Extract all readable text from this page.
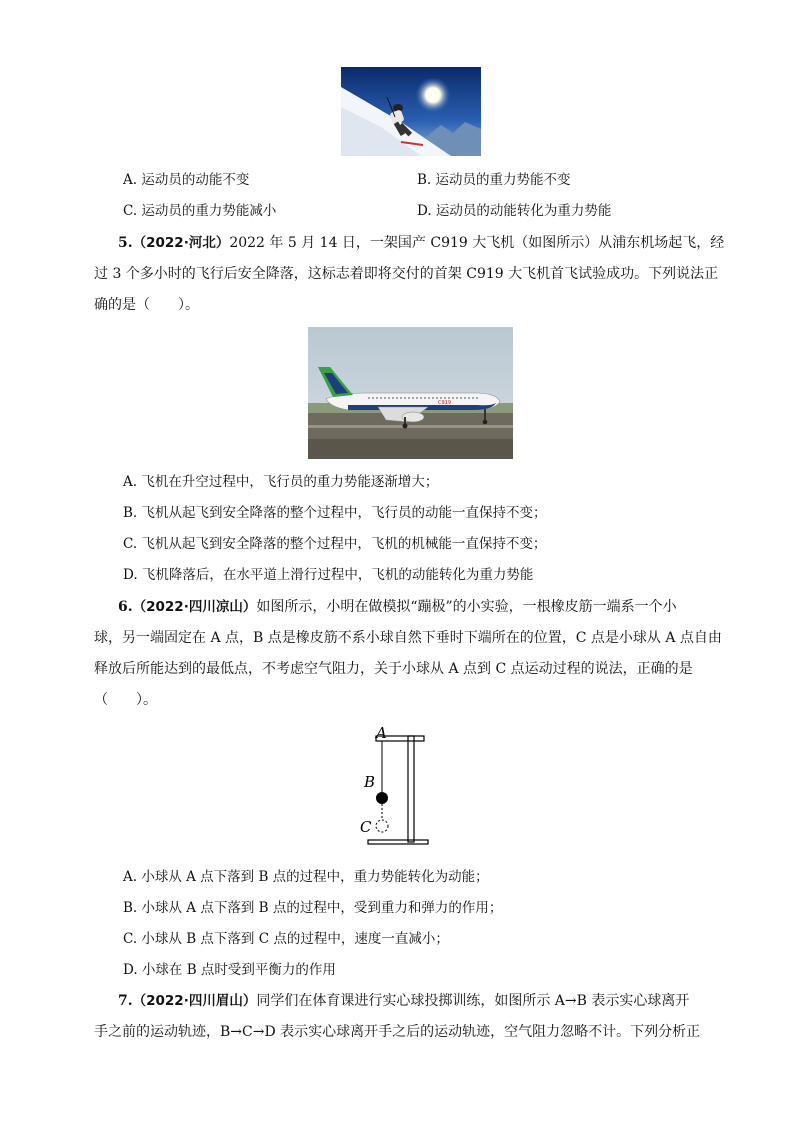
A. 运动员的动能不变	B. 运动员的重力势能不变
C. 运动员的重力势能减小	D. 运动员的动能转化为重力势能
5.（2022·河北）2022 年 5 月 14 日，一架国产 C919 大飞机（如图所示）从浦东机场起飞，经
过 3 个多小时的飞行后安全降落，这标志着即将交付的首架 C919 大飞机首飞试验成功。下列说法正
确的是（　　）。
C919
A. 飞机在升空过程中，飞行员的重力势能逐渐增大；
B. 飞机从起飞到安全降落的整个过程中，飞行员的动能一直保持不变；
C. 飞机从起飞到安全降落的整个过程中，飞机的机械能一直保持不变；
D. 飞机降落后，在水平道上滑行过程中，飞机的动能转化为重力势能
6.（2022·四川凉山）如图所示，小明在做模拟“蹦极”的小实验，一根橡皮筋一端系一个小
球，另一端固定在 A 点，B 点是橡皮筋不系小球自然下垂时下端所在的位置，C 点是小球从 A 点自由
释放后所能达到的最低点，不考虑空气阻力，关于小球从 A 点到 C 点运动过程的说法，正确的是
（　　）。
A
B
C
A. 小球从 A 点下落到 B 点的过程中，重力势能转化为动能；
B. 小球从 A 点下落到 B 点的过程中，受到重力和弹力的作用；
C. 小球从 B 点下落到 C 点的过程中，速度一直减小；
D. 小球在 B 点时受到平衡力的作用
7.（2022·四川眉山）同学们在体育课进行实心球投掷训练，如图所示 A→B 表示实心球离开
手之前的运动轨迹，B→C→D 表示实心球离开手之后的运动轨迹，空气阻力忽略不计。下列分析正
